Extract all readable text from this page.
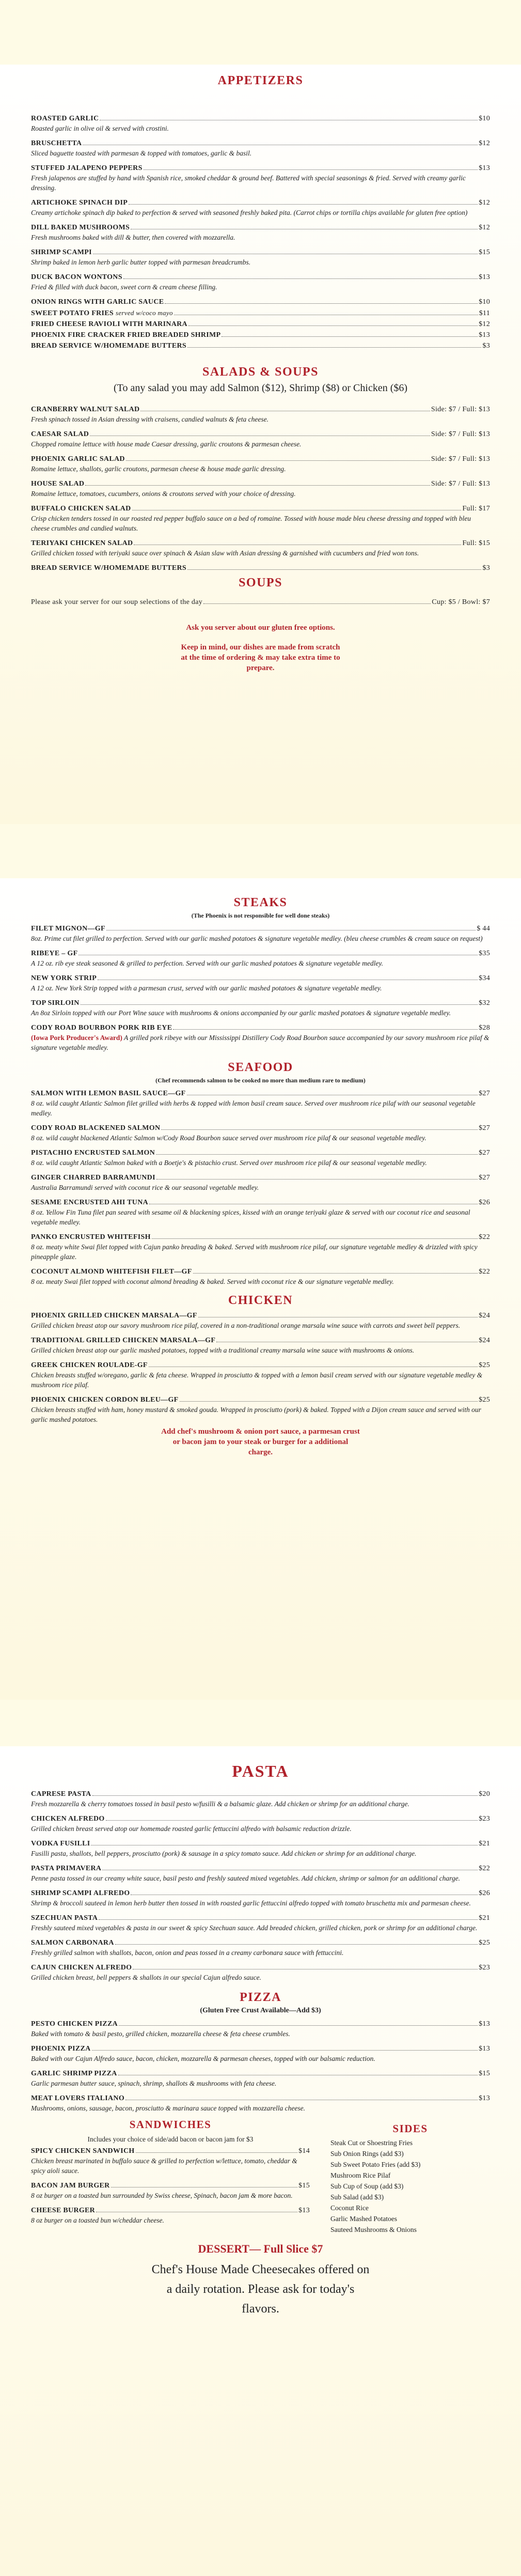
APPETIZERS
ROASTED GARLIC	$10

Roasted garlic in olive oil & served with crostini.

BRUSCHETTA	$12

Sliced baguette toasted with parmesan & topped with tomatoes, garlic & basil.

STUFFED JALAPENO PEPPERS	$13

Fresh jalapenos are stuffed by hand with Spanish rice, smoked cheddar & ground beef. Battered with special seasonings & fried. Served with creamy garlic dressing.

ARTICHOKE SPINACH DIP	$12

Creamy artichoke spinach dip baked to perfection & served with seasoned freshly baked pita. (Carrot chips or tortilla chips available for gluten free option)

DILL BAKED MUSHROOMS	$12

Fresh mushrooms baked with dill & butter, then covered with mozzarella.

SHRIMP SCAMPI	$15

Shrimp baked in lemon herb garlic butter topped with parmesan breadcrumbs.

DUCK BACON WONTONS	$13

Fried & filled with duck bacon, sweet corn & cream cheese filling.

ONION RINGS WITH GARLIC SAUCE	$10

SWEET POTATO FRIES served w/coco mayo	$11

FRIED CHEESE RAVIOLI WITH MARINARA	$12

PHOENIX FIRE CRACKER FRIED BREADED SHRIMP	$13

BREAD SERVICE W/HOMEMADE BUTTERS	$3

SALADS & SOUPS

(To any salad you may add Salmon ($12), Shrimp ($8) or Chicken ($6)

CRANBERRY WALNUT SALAD	Side: $7 / Full: $13

Fresh spinach tossed in Asian dressing with craisens, candied walnuts & feta cheese.

CAESAR SALAD	Side: $7 / Full: $13

Chopped romaine lettuce with house made Caesar dressing, garlic croutons & parmesan cheese.

PHOENIX GARLIC SALAD	Side: $7 / Full: $13

Romaine lettuce, shallots, garlic croutons, parmesan cheese & house made garlic dressing.

HOUSE SALAD	Side: $7 / Full: $13

Romaine lettuce, tomatoes, cucumbers, onions & croutons served with your choice of dressing.

BUFFALO CHICKEN SALAD	Full: $17

Crisp chicken tenders tossed in our roasted red pepper buffalo sauce on a bed of romaine. Tossed with house made bleu cheese dressing and topped with bleu cheese crumbles and candied walnuts.

TERIYAKI CHICKEN SALAD	Full: $15

Grilled chicken tossed with teriyaki sauce over spinach & Asian slaw with Asian dressing & garnished with cucumbers and fried won tons.

BREAD SERVICE W/HOMEMADE BUTTERS	$3

SOUPS
Please ask your server for our soup selections of the day	Cup: $5 / Bowl: $7

Ask you server about our gluten free options.

Keep in mind, our dishes are made from scratch at the time of ordering & may take extra time to prepare.

STEAKS

(The Phoenix is not responsible for well done steaks)

FILET MIGNON—GF	$ 44

8oz. Prime cut filet grilled to perfection. Served with our garlic mashed potatoes & signature vegetable medley. (bleu cheese crumbles & cream sauce on request)

RIBEYE – GF	$35

A 12 oz. rib eye steak seasoned & grilled to perfection. Served with our garlic mashed potatoes & signature vegetable medley.

NEW YORK STRIP	$34

A 12 oz. New York Strip topped with a parmesan crust, served with our garlic mashed potatoes & signature vegetable medley.

TOP SIRLOIN	$32

An 8oz Sirloin topped with our Port Wine sauce with mushrooms & onions accompanied by our garlic mashed potatoes & signature vegetable medley.

CODY ROAD BOURBON PORK RIB EYE	$28

(Iowa Pork Producer's Award) A grilled pork ribeye with our Mississippi Distillery Cody Road Bourbon sauce accompanied by our savory mushroom rice pilaf & signature vegetable medley.

SEAFOOD

(Chef recommends salmon to be cooked no more than medium rare to medium)

SALMON WITH LEMON BASIL SAUCE—GF	$27

8 oz. wild caught Atlantic Salmon filet grilled with herbs & topped with lemon basil cream sauce. Served over mushroom rice pilaf with our seasonal vegetable medley.

CODY ROAD BLACKENED SALMON	$27

8 oz. wild caught blackened Atlantic Salmon w/Cody Road Bourbon sauce served over mushroom rice pilaf & our seasonal vegetable medley.

PISTACHIO ENCRUSTED SALMON	$27

8 oz. wild caught Atlantic Salmon baked with a Boetje's & pistachio crust. Served over mushroom rice pilaf & our seasonal vegetable medley.

GINGER CHARRED BARRAMUNDI	$27

Australia Barramundi served with coconut rice & our seasonal vegetable medley.

SESAME ENCRUSTED AHI TUNA	$26

8 oz. Yellow Fin Tuna filet pan seared with sesame oil & blackening spices, kissed with an orange teriyaki glaze & served with our coconut rice and seasonal vegetable medley.

PANKO ENCRUSTED WHITEFISH	$22

8 oz. meaty white Swai filet topped with Cajun panko breading & baked. Served with mushroom rice pilaf, our signature vegetable medley & drizzled with spicy pineapple glaze.

COCONUT ALMOND WHITEFISH FILET—GF	$22

8 oz. meaty Swai filet topped with coconut almond breading & baked. Served with coconut rice & our signature vegetable medley.

CHICKEN
PHOENIX GRILLED CHICKEN MARSALA—GF	$24

Grilled chicken breast atop our savory mushroom rice pilaf, covered in a non-traditional orange marsala wine sauce with carrots and sweet bell peppers.

TRADITIONAL GRILLED CHICKEN MARSALA—GF	$24

Grilled chicken breast atop our garlic mashed potatoes, topped with a traditional creamy marsala wine sauce with mushrooms & onions.

GREEK CHICKEN ROULADE-GF	$25

Chicken breasts stuffed w/oregano, garlic & feta cheese. Wrapped in prosciutto & topped with a lemon basil cream served with our signature vegetable medley & mushroom rice pilaf.

PHOENIX CHICKEN CORDON BLEU—GF	$25

Chicken breasts stuffed with ham, honey mustard & smoked gouda. Wrapped in prosciutto (pork) & baked. Topped with a Dijon cream sauce and served with our garlic mashed potatoes.

Add chef's mushroom & onion port sauce, a parmesan crust or bacon jam to your steak or burger for a additional charge.

PASTA
CAPRESE PASTA	$20

Fresh mozzarella & cherry tomatoes tossed in basil pesto w/fusilli & a balsamic glaze. Add chicken or shrimp for an additional charge.

CHICKEN ALFREDO	$23

Grilled chicken breast served atop our homemade roasted garlic fettuccini alfredo with balsamic reduction drizzle.

VODKA FUSILLI	$21

Fusilli pasta, shallots, bell peppers, prosciutto (pork) & sausage in a spicy tomato sauce. Add chicken or shrimp for an additional charge.

PASTA PRIMAVERA	$22

Penne pasta tossed in our creamy white sauce, basil pesto and freshly sauteed mixed vegetables. Add chicken, shrimp or salmon for an additional charge.

SHRIMP SCAMPI ALFREDO	$26

Shrimp & broccoli sauteed in lemon herb butter then tossed in with roasted garlic fettuccini alfredo topped with tomato bruschetta mix and parmesan cheese.

SZECHUAN PASTA	$21

Freshly sauteed mixed vegetables & pasta in our sweet & spicy Szechuan sauce. Add breaded chicken, grilled chicken, pork or shrimp for an additional charge.

SALMON CARBONARA	$25

Freshly grilled salmon with shallots, bacon, onion and peas tossed in a creamy carbonara sauce with fettuccini.

CAJUN CHICKEN ALFREDO	$23

Grilled chicken breast, bell peppers & shallots in our special Cajun alfredo sauce.

PIZZA

(Gluten Free Crust Available—Add $3)

PESTO CHICKEN PIZZA	$13

Baked with tomato & basil pesto, grilled chicken, mozzarella cheese & feta cheese crumbles.

PHOENIX PIZZA	$13

Baked with our Cajun Alfredo sauce, bacon, chicken, mozzarella & parmesan cheeses, topped with our balsamic reduction.

GARLIC SHRIMP PIZZA	$15

Garlic parmesan butter sauce, spinach, shrimp, shallots & mushrooms with feta cheese.

MEAT LOVERS ITALIANO	$13

Mushrooms, onions, sausage, bacon, prosciutto & marinara sauce topped with mozzarella cheese.

SANDWICHES

Includes your choice of side/add bacon or bacon jam for $3

SPICY CHICKEN SANDWICH	$14

Chicken breast marinated in buffalo sauce & grilled to perfection w/lettuce, tomato, cheddar & spicy aioli sauce.

BACON JAM BURGER	$15

8 oz burger on a toasted bun surrounded by Swiss cheese, Spinach, bacon jam & more bacon.

CHEESE BURGER	$13

8 oz burger on a toasted bun w/cheddar cheese.

SIDES
Steak Cut or Shoestring Fries
Sub Onion Rings (add $3)
Sub Sweet Potato Fries (add $3)
Mushroom Rice Pilaf
Sub Cup of Soup (add $3)
Sub Salad (add $3)
Coconut Rice
Garlic Mashed Potatoes
Sauteed Mushrooms & Onions
DESSERT— Full Slice $7

Chef's House Made Cheesecakes offered on a daily rotation. Please ask for today's flavors.
